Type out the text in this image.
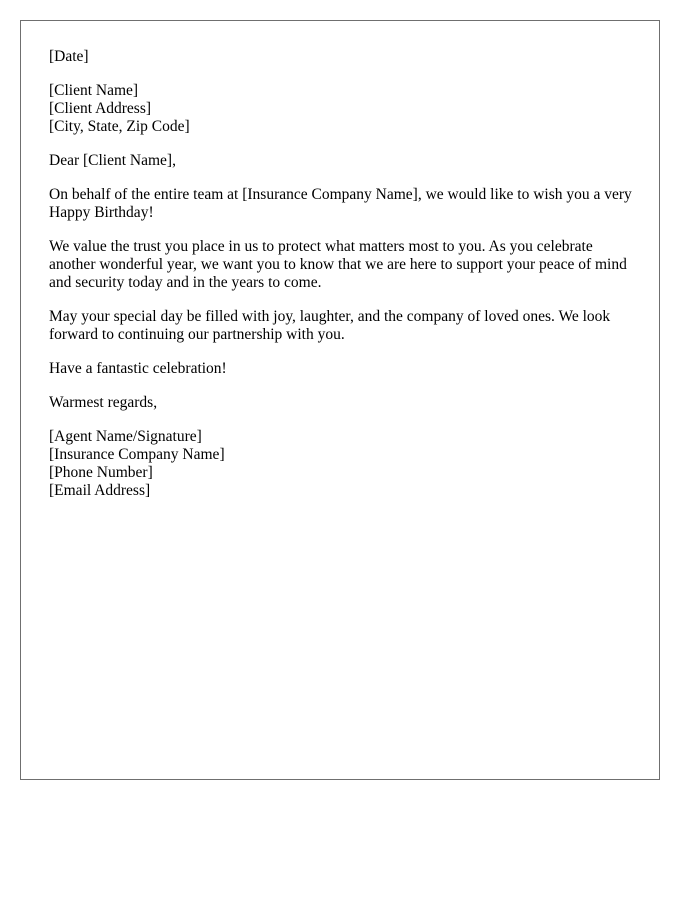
[Date]
[Client Name]
[Client Address]
[City, State, Zip Code]
Dear [Client Name],

On behalf of the entire team at [Insurance Company Name], we would like to wish you a very Happy Birthday!

We value the trust you place in us to protect what matters most to you. As you celebrate another wonderful year, we want you to know that we are here to support your peace of mind and security today and in the years to come.

May your special day be filled with joy, laughter, and the company of loved ones. We look forward to continuing our partnership with you.

Have a fantastic celebration!

Warmest regards,
[Agent Name/Signature]
[Insurance Company Name]
[Phone Number]
[Email Address]
